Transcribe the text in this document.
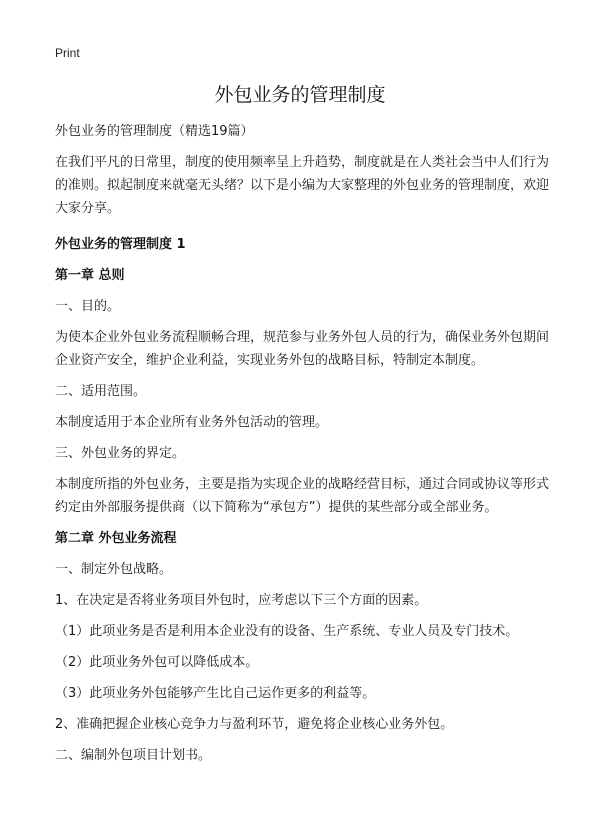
Print
外包业务的管理制度

外包业务的管理制度（精选19篇）

在我们平凡的日常里，制度的使用频率呈上升趋势，制度就是在人类社会当中人们行为的准则。拟起制度来就毫无头绪？以下是小编为大家整理的外包业务的管理制度，欢迎大家分享。

外包业务的管理制度 1

第一章 总则

一、目的。

为使本企业外包业务流程顺畅合理，规范参与业务外包人员的行为，确保业务外包期间企业资产安全，维护企业利益，实现业务外包的战略目标，特制定本制度。

二、适用范围。

本制度适用于本企业所有业务外包活动的管理。

三、外包业务的界定。

本制度所指的外包业务，主要是指为实现企业的战略经营目标，通过合同或协议等形式约定由外部服务提供商（以下简称为“承包方”）提供的某些部分或全部业务。

第二章 外包业务流程

一、制定外包战略。

1、在决定是否将业务项目外包时，应考虑以下三个方面的因素。

（1）此项业务是否是利用本企业没有的设备、生产系统、专业人员及专门技术。

（2）此项业务外包可以降低成本。

（3）此项业务外包能够产生比自己运作更多的利益等。

2、准确把握企业核心竞争力与盈利环节，避免将企业核心业务外包。

二、编制外包项目计划书。
